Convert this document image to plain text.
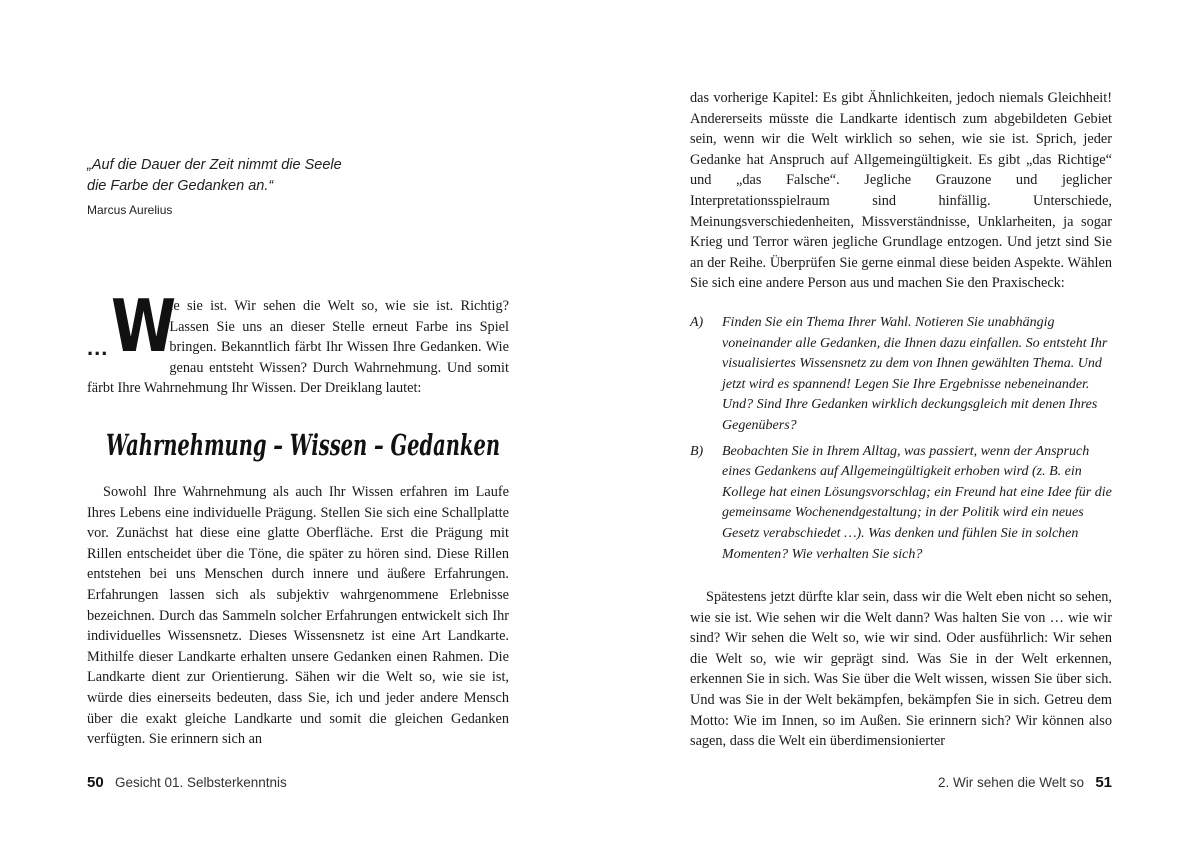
„Auf die Dauer der Zeit nimmt die Seele
die Farbe der Gedanken an.“
Marcus Aurelius
... W
ie sie ist. Wir sehen die Welt so, wie sie ist. Richtig? Lassen Sie uns an dieser Stelle erneut Farbe ins Spiel bringen. Bekanntlich färbt Ihr Wissen Ihre Gedanken. Wie genau entsteht Wissen? Durch Wahrnehmung. Und somit färbt Ihre Wahrnehmung Ihr Wissen. Der Dreiklang lautet:
Wahrnehmung – Wissen – Gedanken

Sowohl Ihre Wahrnehmung als auch Ihr Wissen erfahren im Laufe Ihres Lebens eine individuelle Prägung. Stellen Sie sich eine Schallplatte vor. Zunächst hat diese eine glatte Oberfläche. Erst die Prägung mit Rillen entscheidet über die Töne, die später zu hören sind. Diese Rillen entstehen bei uns Menschen durch innere und äußere Erfahrungen. Erfahrungen lassen sich als subjektiv wahrgenommene Erlebnisse bezeichnen. Durch das Sammeln solcher Erfahrungen entwickelt sich Ihr individuelles Wissensnetz. Dieses Wissensnetz ist eine Art Landkarte. Mithilfe dieser Landkarte erhalten unsere Gedanken einen Rahmen. Die Landkarte dient zur Orientierung. Sähen wir die Welt so, wie sie ist, würde dies einerseits bedeuten, dass Sie, ich und jeder andere Mensch über die exakt gleiche Landkarte und somit die gleichen Gedanken verfügten. Sie erinnern sich an

50 Gesicht 01. Selbsterkenntnis

das vorherige Kapitel: Es gibt Ähnlichkeiten, jedoch niemals Gleichheit! Andererseits müsste die Landkarte identisch zum abgebildeten Gebiet sein, wenn wir die Welt wirklich so sehen, wie sie ist. Sprich, jeder Gedanke hat Anspruch auf Allgemeingültigkeit. Es gibt „das Richtige“ und „das Falsche“. Jegliche Grauzone und jeglicher Interpretationsspielraum sind hinfällig. Unterschiede, Meinungsverschiedenheiten, Missverständnisse, Unklarheiten, ja sogar Krieg und Terror wären jegliche Grundlage entzogen. Und jetzt sind Sie an der Reihe. Überprüfen Sie gerne einmal diese beiden Aspekte. Wählen Sie sich eine andere Person aus und machen Sie den Praxischeck:

A) Finden Sie ein Thema Ihrer Wahl. Notieren Sie unabhängig voneinander alle Gedanken, die Ihnen dazu einfallen. So entsteht Ihr visualisiertes Wissensnetz zu dem von Ihnen gewählten Thema. Und jetzt wird es spannend! Legen Sie Ihre Ergebnisse nebeneinander. Und? Sind Ihre Gedanken wirklich deckungsgleich mit denen Ihres Gegenübers?
B) Beobachten Sie in Ihrem Alltag, was passiert, wenn der Anspruch eines Gedankens auf Allgemeingültigkeit erhoben wird (z. B. ein Kollege hat einen Lösungsvorschlag; ein Freund hat eine Idee für die gemeinsame Wochenendgestaltung; in der Politik wird ein neues Gesetz verabschiedet …). Was denken und fühlen Sie in solchen Momenten? Wie verhalten Sie sich?

Spätestens jetzt dürfte klar sein, dass wir die Welt eben nicht so sehen, wie sie ist. Wie sehen wir die Welt dann? Was halten Sie von … wie wir sind? Wir sehen die Welt so, wie wir sind. Oder ausführlich: Wir sehen die Welt so, wie wir geprägt sind. Was Sie in der Welt erkennen, erkennen Sie in sich. Was Sie über die Welt wissen, wissen Sie über sich. Und was Sie in der Welt bekämpfen, bekämpfen Sie in sich. Getreu dem Motto: Wie im Innen, so im Außen. Sie erinnern sich? Wir können also sagen, dass die Welt ein überdimensionierter

2. Wir sehen die Welt so 51
